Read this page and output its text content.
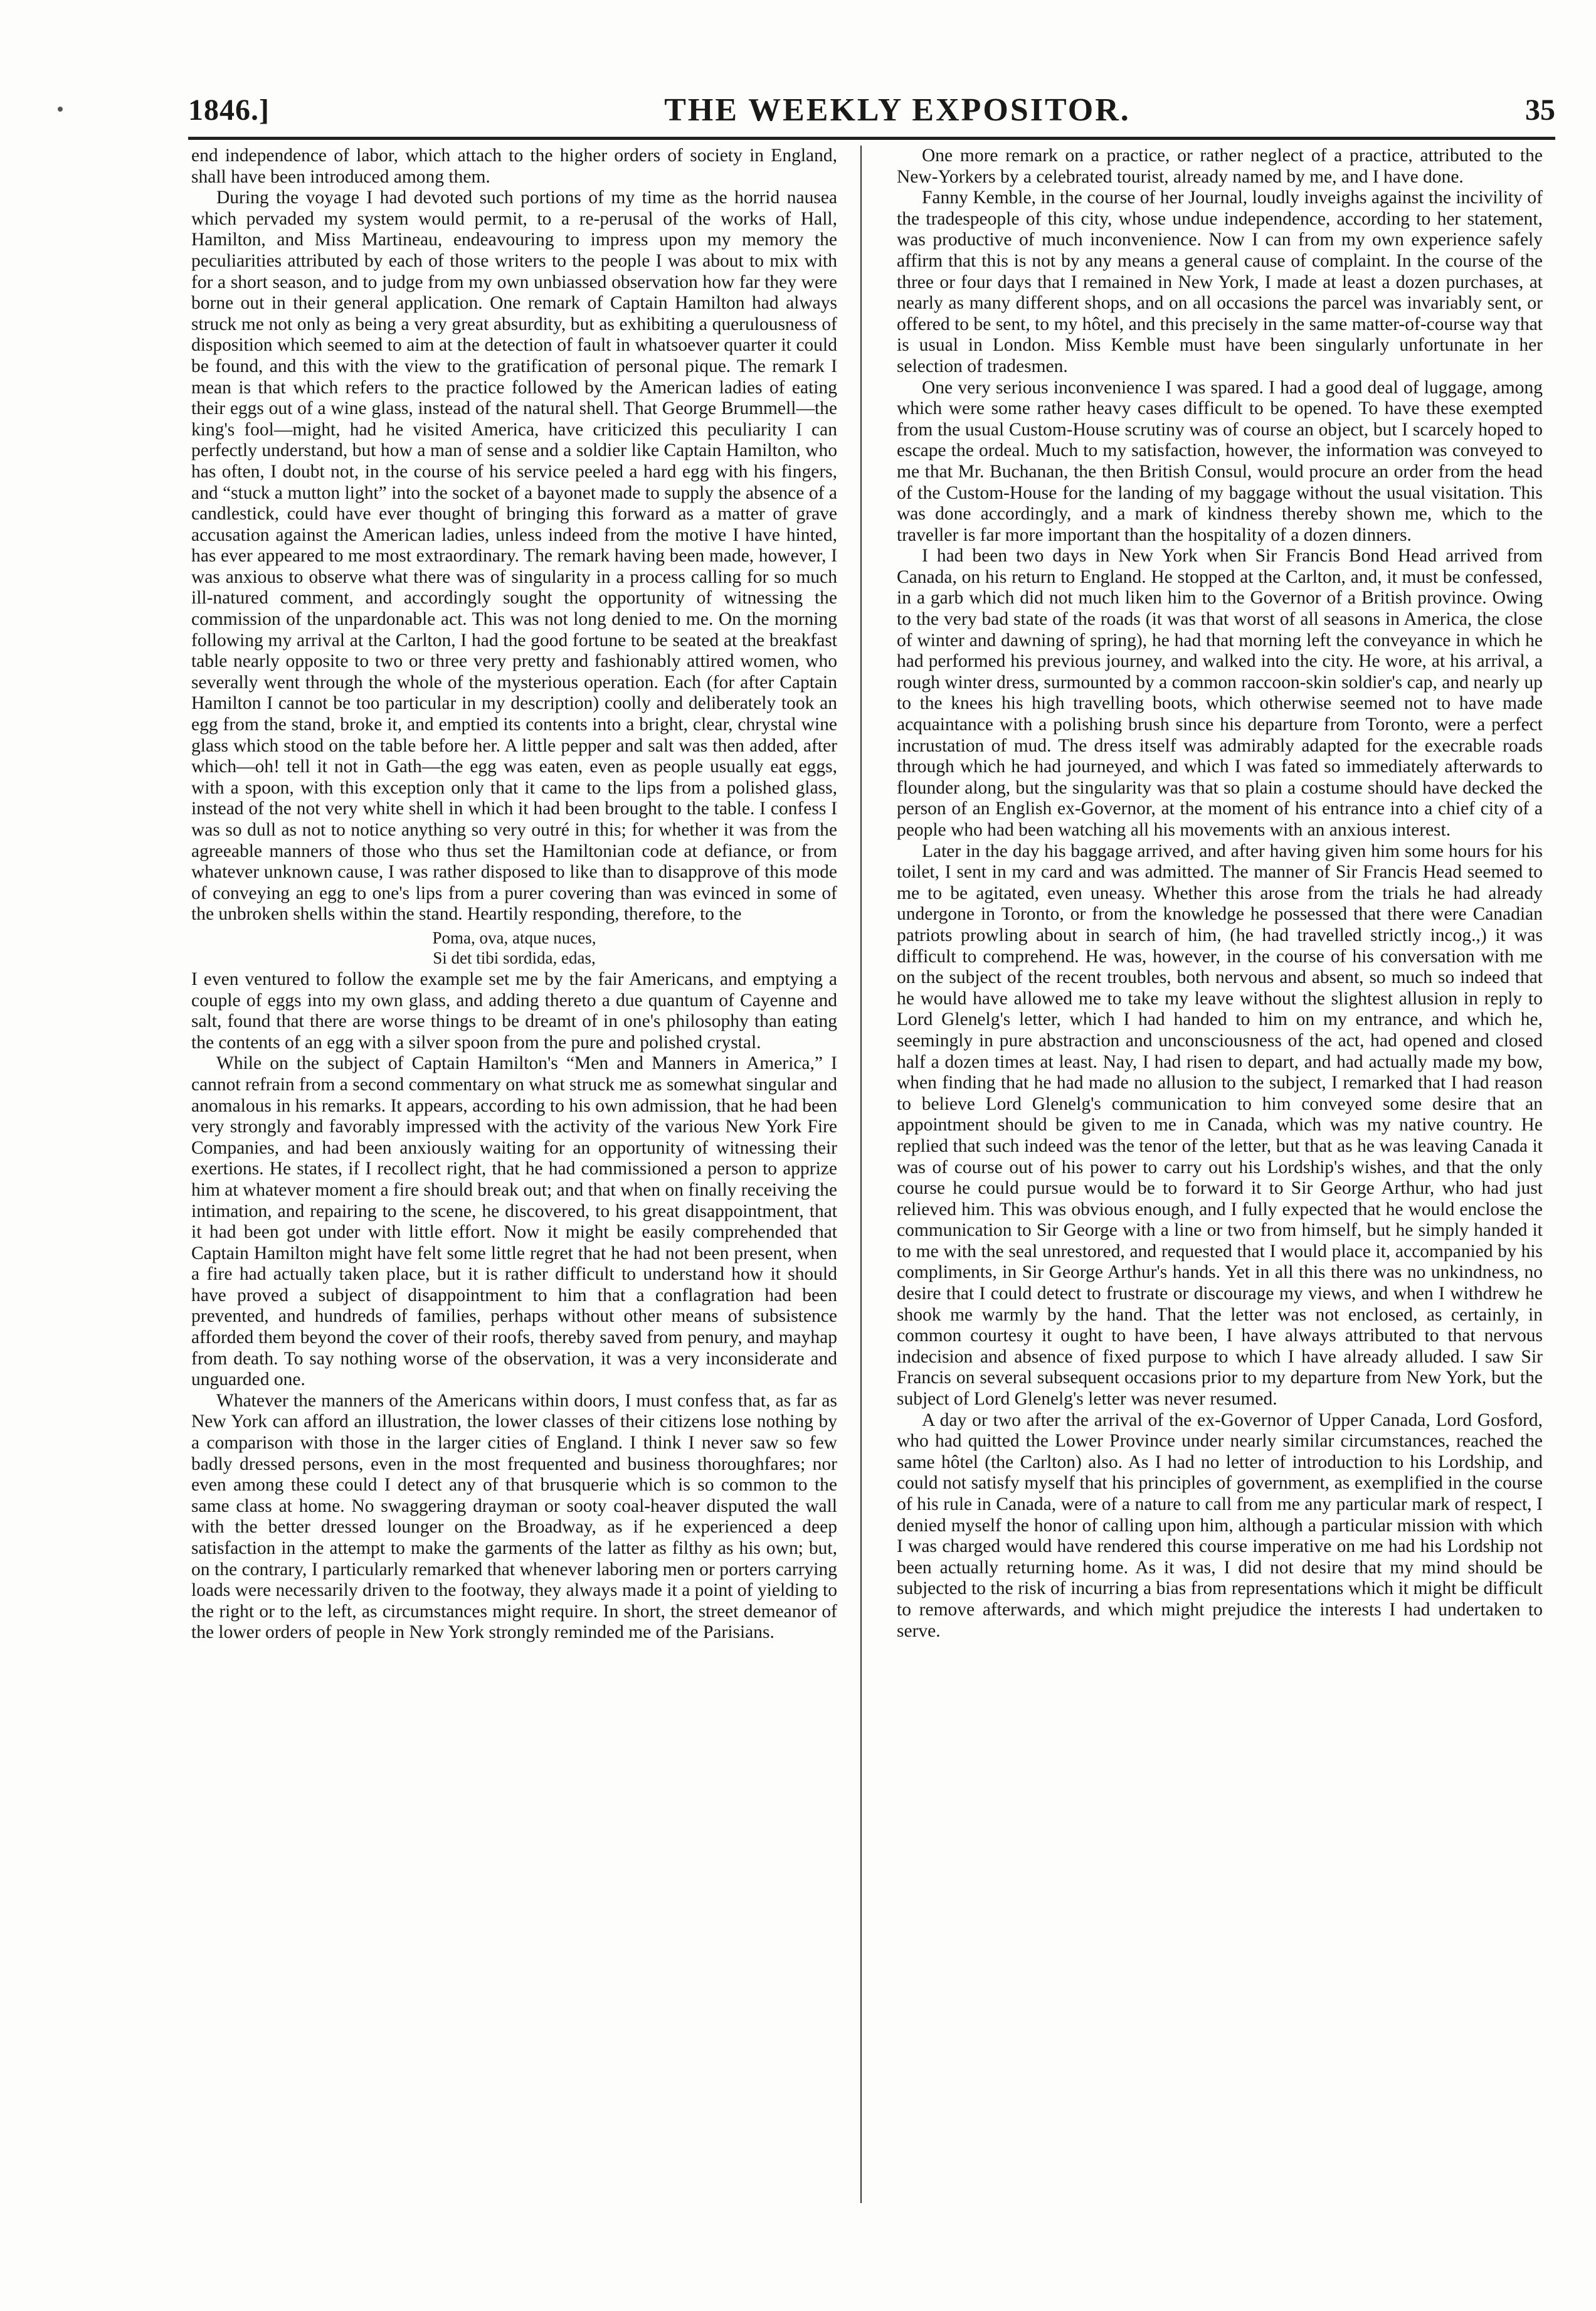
1846.]	THE WEEKLY EXPOSITOR.	35

end independence of labor, which attach to the higher orders of society in England, shall have been introduced among them.

During the voyage I had devoted such portions of my time as the horrid nausea which pervaded my system would permit, to a re-perusal of the works of Hall, Hamilton, and Miss Martineau, endeavouring to impress upon my memory the peculiarities attributed by each of those writers to the people I was about to mix with for a short season, and to judge from my own unbiassed observation how far they were borne out in their general application. One remark of Captain Hamilton had always struck me not only as being a very great absurdity, but as exhibiting a querulousness of disposition which seemed to aim at the detection of fault in whatsoever quarter it could be found, and this with the view to the gratification of personal pique. The remark I mean is that which refers to the practice followed by the American ladies of eating their eggs out of a wine glass, instead of the natural shell. That George Brummell—the king's fool—might, had he visited America, have criticized this peculiarity I can perfectly understand, but how a man of sense and a soldier like Captain Hamilton, who has often, I doubt not, in the course of his service peeled a hard egg with his fingers, and “stuck a mutton light” into the socket of a bayonet made to supply the absence of a candlestick, could have ever thought of bringing this forward as a matter of grave accusation against the American ladies, unless indeed from the motive I have hinted, has ever appeared to me most extraordinary. The remark having been made, however, I was anxious to observe what there was of singularity in a process calling for so much ill-natured comment, and accordingly sought the opportunity of witnessing the commission of the unpardonable act. This was not long denied to me. On the morning following my arrival at the Carlton, I had the good fortune to be seated at the breakfast table nearly opposite to two or three very pretty and fashionably attired women, who severally went through the whole of the mysterious operation. Each (for after Captain Hamilton I cannot be too particular in my description) coolly and deliberately took an egg from the stand, broke it, and emptied its contents into a bright, clear, chrystal wine glass which stood on the table before her. A little pepper and salt was then added, after which—oh! tell it not in Gath—the egg was eaten, even as people usually eat eggs, with a spoon, with this exception only that it came to the lips from a polished glass, instead of the not very white shell in which it had been brought to the table. I confess I was so dull as not to notice anything so very outré in this; for whether it was from the agreeable manners of those who thus set the Hamiltonian code at defiance, or from whatever unknown cause, I was rather disposed to like than to disapprove of this mode of conveying an egg to one's lips from a purer covering than was evinced in some of the unbroken shells within the stand. Heartily responding, therefore, to the

Poma, ova, atque nuces,
Si det tibi sordida, edas,

I even ventured to follow the example set me by the fair Americans, and emptying a couple of eggs into my own glass, and adding thereto a due quantum of Cayenne and salt, found that there are worse things to be dreamt of in one's philosophy than eating the contents of an egg with a silver spoon from the pure and polished crystal.

While on the subject of Captain Hamilton's “Men and Manners in America,” I cannot refrain from a second commentary on what struck me as somewhat singular and anomalous in his remarks. It appears, according to his own admission, that he had been very strongly and favorably impressed with the activity of the various New York Fire Companies, and had been anxiously waiting for an opportunity of witnessing their exertions. He states, if I recollect right, that he had commissioned a person to apprize him at whatever moment a fire should break out; and that when on finally receiving the intimation, and repairing to the scene, he discovered, to his great disappointment, that it had been got under with little effort. Now it might be easily comprehended that Captain Hamilton might have felt some little regret that he had not been present, when a fire had actually taken place, but it is rather difficult to understand how it should have proved a subject of disappointment to him that a conflagration had been prevented, and hundreds of families, perhaps without other means of subsistence afforded them beyond the cover of their roofs, thereby saved from penury, and mayhap from death. To say nothing worse of the observation, it was a very inconsiderate and unguarded one.

Whatever the manners of the Americans within doors, I must confess that, as far as New York can afford an illustration, the lower classes of their citizens lose nothing by a comparison with those in the larger cities of England. I think I never saw so few badly dressed persons, even in the most frequented and business thoroughfares; nor even among these could I detect any of that brusquerie which is so common to the same class at home. No swaggering drayman or sooty coal-heaver disputed the wall with the better dressed lounger on the Broadway, as if he experienced a deep satisfaction in the attempt to make the garments of the latter as filthy as his own; but, on the contrary, I particularly remarked that whenever laboring men or porters carrying loads were necessarily driven to the footway, they always made it a point of yielding to the right or to the left, as circumstances might require. In short, the street demeanor of the lower orders of people in New York strongly reminded me of the Parisians.

One more remark on a practice, or rather neglect of a practice, attributed to the New-Yorkers by a celebrated tourist, already named by me, and I have done.

Fanny Kemble, in the course of her Journal, loudly inveighs against the incivility of the tradespeople of this city, whose undue independence, according to her statement, was productive of much inconvenience. Now I can from my own experience safely affirm that this is not by any means a general cause of complaint. In the course of the three or four days that I remained in New York, I made at least a dozen purchases, at nearly as many different shops, and on all occasions the parcel was invariably sent, or offered to be sent, to my hôtel, and this precisely in the same matter-of-course way that is usual in London. Miss Kemble must have been singularly unfortunate in her selection of tradesmen.

One very serious inconvenience I was spared. I had a good deal of luggage, among which were some rather heavy cases difficult to be opened. To have these exempted from the usual Custom-House scrutiny was of course an object, but I scarcely hoped to escape the ordeal. Much to my satisfaction, however, the information was conveyed to me that Mr. Buchanan, the then British Consul, would procure an order from the head of the Custom-House for the landing of my baggage without the usual visitation. This was done accordingly, and a mark of kindness thereby shown me, which to the traveller is far more important than the hospitality of a dozen dinners.

I had been two days in New York when Sir Francis Bond Head arrived from Canada, on his return to England. He stopped at the Carlton, and, it must be confessed, in a garb which did not much liken him to the Governor of a British province. Owing to the very bad state of the roads (it was that worst of all seasons in America, the close of winter and dawning of spring), he had that morning left the conveyance in which he had performed his previous journey, and walked into the city. He wore, at his arrival, a rough winter dress, surmounted by a common raccoon-skin soldier's cap, and nearly up to the knees his high travelling boots, which otherwise seemed not to have made acquaintance with a polishing brush since his departure from Toronto, were a perfect incrustation of mud. The dress itself was admirably adapted for the execrable roads through which he had journeyed, and which I was fated so immediately afterwards to flounder along, but the singularity was that so plain a costume should have decked the person of an English ex-Governor, at the moment of his entrance into a chief city of a people who had been watching all his movements with an anxious interest.

Later in the day his baggage arrived, and after having given him some hours for his toilet, I sent in my card and was admitted. The manner of Sir Francis Head seemed to me to be agitated, even uneasy. Whether this arose from the trials he had already undergone in Toronto, or from the knowledge he possessed that there were Canadian patriots prowling about in search of him, (he had travelled strictly incog.,) it was difficult to comprehend. He was, however, in the course of his conversation with me on the subject of the recent troubles, both nervous and absent, so much so indeed that he would have allowed me to take my leave without the slightest allusion in reply to Lord Glenelg's letter, which I had handed to him on my entrance, and which he, seemingly in pure abstraction and unconsciousness of the act, had opened and closed half a dozen times at least. Nay, I had risen to depart, and had actually made my bow, when finding that he had made no allusion to the subject, I remarked that I had reason to believe Lord Glenelg's communication to him conveyed some desire that an appointment should be given to me in Canada, which was my native country. He replied that such indeed was the tenor of the letter, but that as he was leaving Canada it was of course out of his power to carry out his Lordship's wishes, and that the only course he could pursue would be to forward it to Sir George Arthur, who had just relieved him. This was obvious enough, and I fully expected that he would enclose the communication to Sir George with a line or two from himself, but he simply handed it to me with the seal unrestored, and requested that I would place it, accompanied by his compliments, in Sir George Arthur's hands. Yet in all this there was no unkindness, no desire that I could detect to frustrate or discourage my views, and when I withdrew he shook me warmly by the hand. That the letter was not enclosed, as certainly, in common courtesy it ought to have been, I have always attributed to that nervous indecision and absence of fixed purpose to which I have already alluded. I saw Sir Francis on several subsequent occasions prior to my departure from New York, but the subject of Lord Glenelg's letter was never resumed.

A day or two after the arrival of the ex-Governor of Upper Canada, Lord Gosford, who had quitted the Lower Province under nearly similar circumstances, reached the same hôtel (the Carlton) also. As I had no letter of introduction to his Lordship, and could not satisfy myself that his principles of government, as exemplified in the course of his rule in Canada, were of a nature to call from me any particular mark of respect, I denied myself the honor of calling upon him, although a particular mission with which I was charged would have rendered this course imperative on me had his Lordship not been actually returning home. As it was, I did not desire that my mind should be subjected to the risk of incurring a bias from representations which it might be difficult to remove afterwards, and which might prejudice the interests I had undertaken to serve.
